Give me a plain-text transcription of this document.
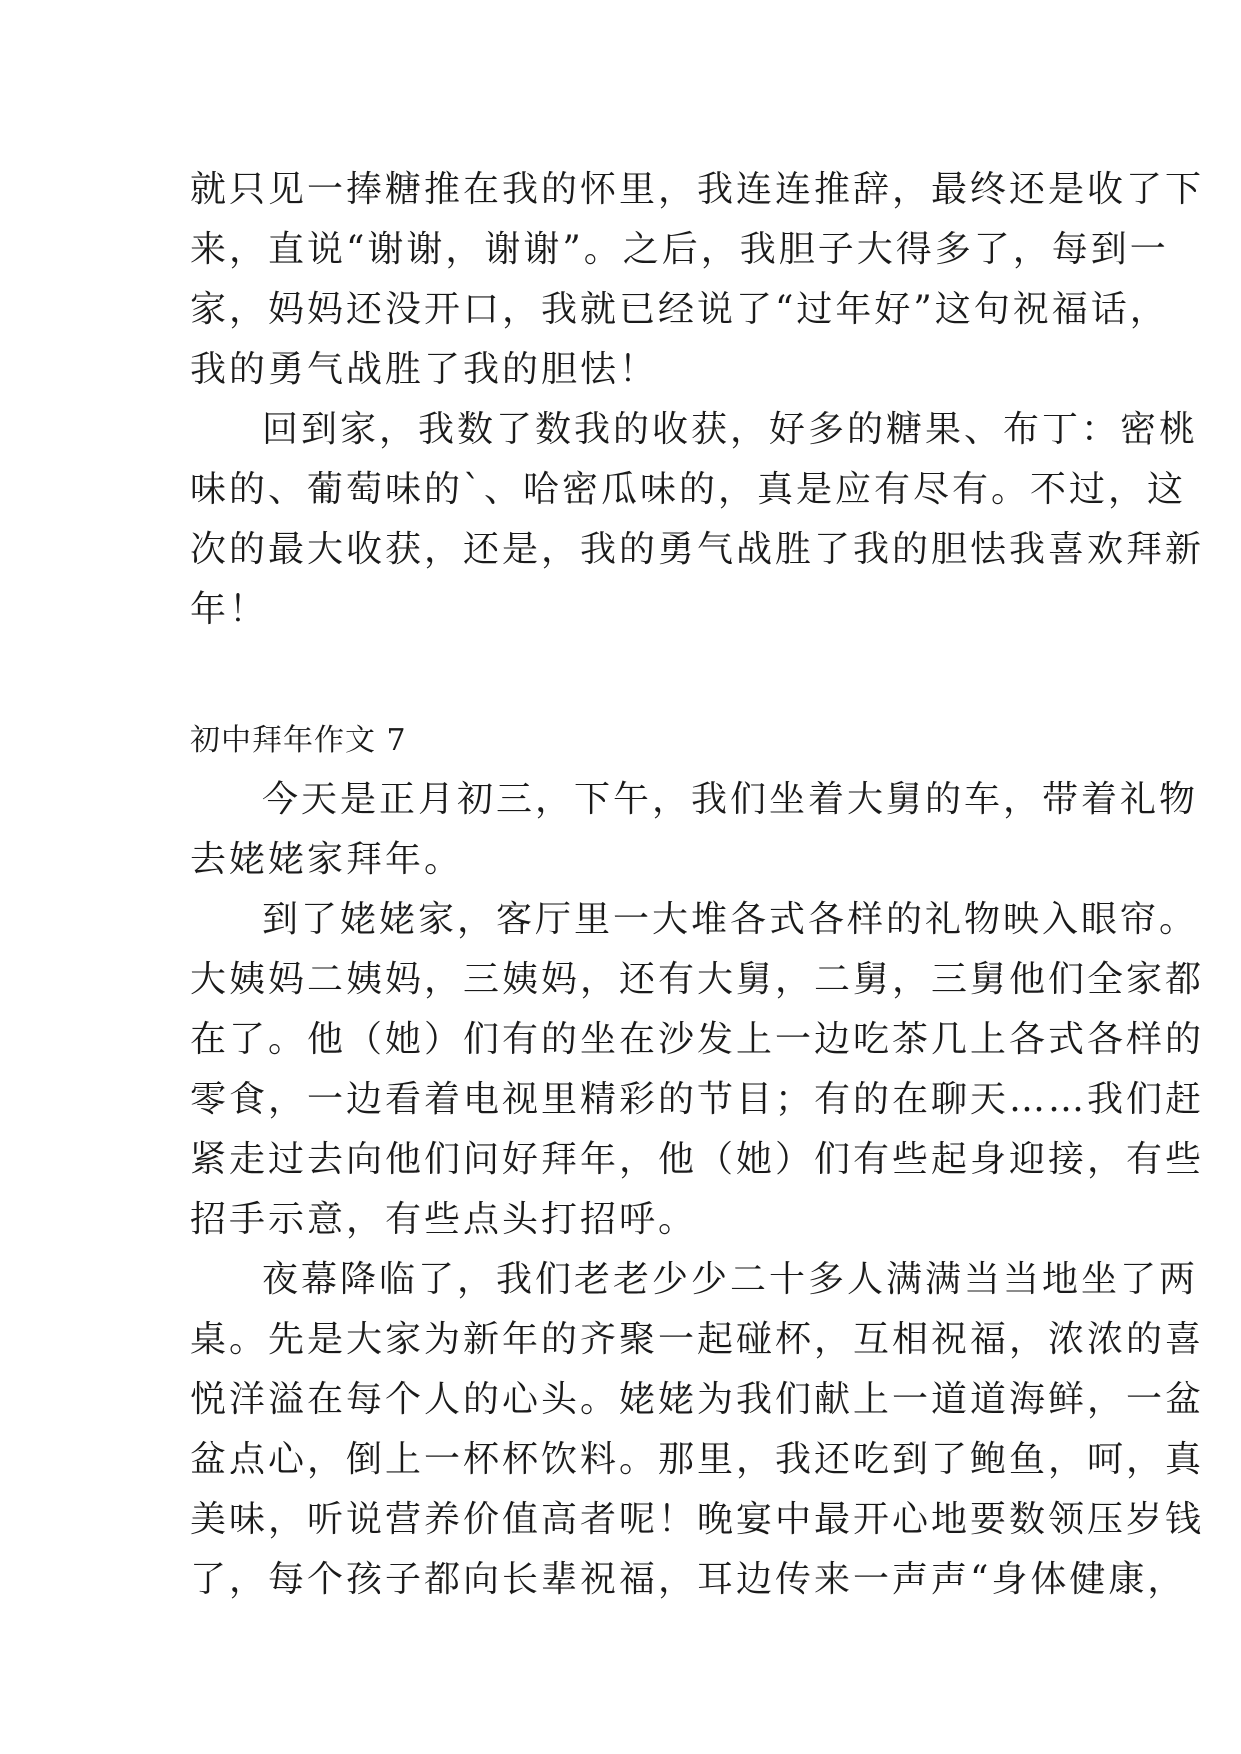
就只见一捧糖推在我的怀里，我连连推辞，最终还是收了下
来，直说“谢谢，谢谢”。之后，我胆子大得多了，每到一
家，妈妈还没开口，我就已经说了“过年好”这句祝福话，
我的勇气战胜了我的胆怯！
回到家，我数了数我的收获，好多的糖果、布丁：密桃
味的、葡萄味的`、哈密瓜味的，真是应有尽有。不过，这
次的最大收获，还是，我的勇气战胜了我的胆怯我喜欢拜新
年！
初中拜年作文 7
今天是正月初三，下午，我们坐着大舅的车，带着礼物
去姥姥家拜年。
到了姥姥家，客厅里一大堆各式各样的礼物映入眼帘。
大姨妈二姨妈，三姨妈，还有大舅，二舅，三舅他们全家都
在了。他（她）们有的坐在沙发上一边吃茶几上各式各样的
零食，一边看着电视里精彩的节目；有的在聊天……我们赶
紧走过去向他们问好拜年，他（她）们有些起身迎接，有些
招手示意，有些点头打招呼。
夜幕降临了，我们老老少少二十多人满满当当地坐了两
桌。先是大家为新年的齐聚一起碰杯，互相祝福，浓浓的喜
悦洋溢在每个人的心头。姥姥为我们献上一道道海鲜，一盆
盆点心，倒上一杯杯饮料。那里，我还吃到了鲍鱼，呵，真
美味，听说营养价值高者呢！晚宴中最开心地要数领压岁钱
了，每个孩子都向长辈祝福，耳边传来一声声“身体健康，
